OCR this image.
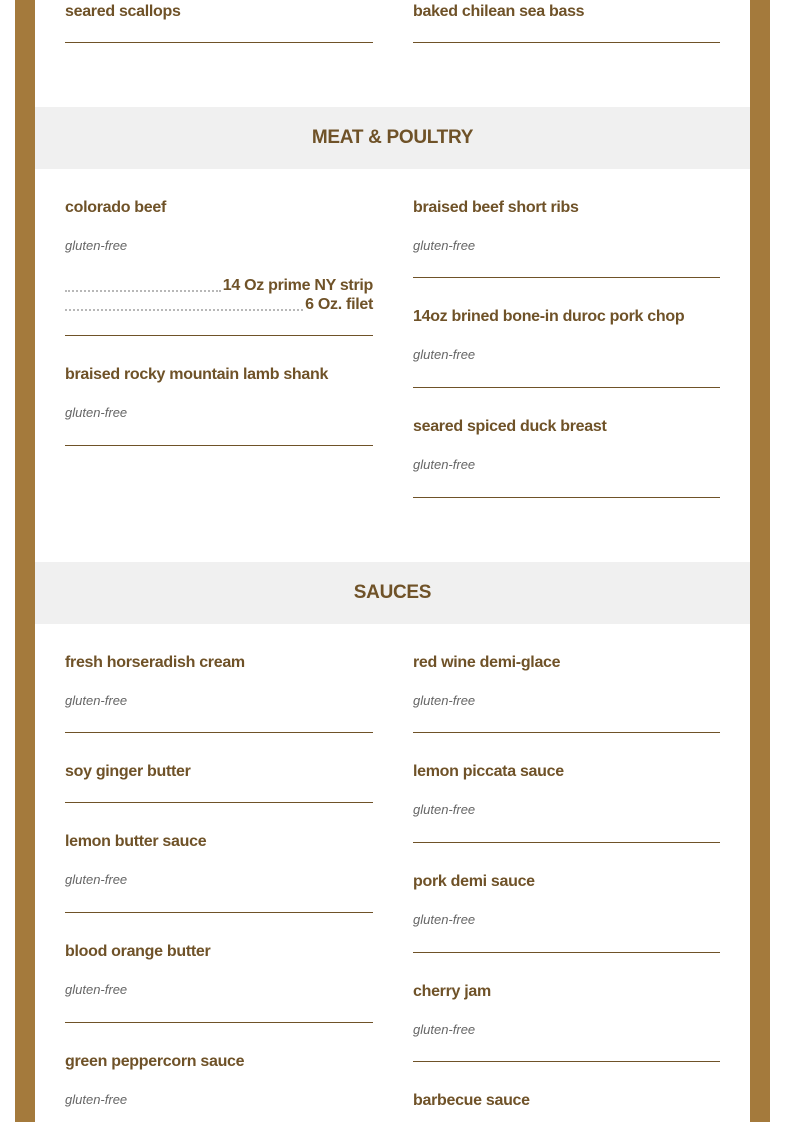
seared scallops	baked chilean sea bass
MEAT & POULTRY
colorado beef
gluten-free
14 Oz prime NY strip
6 Oz. filet
braised rocky mountain lamb shank
gluten-free
braised beef short ribs
gluten-free
14oz brined bone-in duroc pork chop
gluten-free
seared spiced duck breast
gluten-free
SAUCES
fresh horseradish cream
gluten-free
soy ginger butter
lemon butter sauce
gluten-free
blood orange butter
gluten-free
green peppercorn sauce
gluten-free
red wine demi-glace
gluten-free
lemon piccata sauce
gluten-free
pork demi sauce
gluten-free
cherry jam
gluten-free
barbecue sauce
